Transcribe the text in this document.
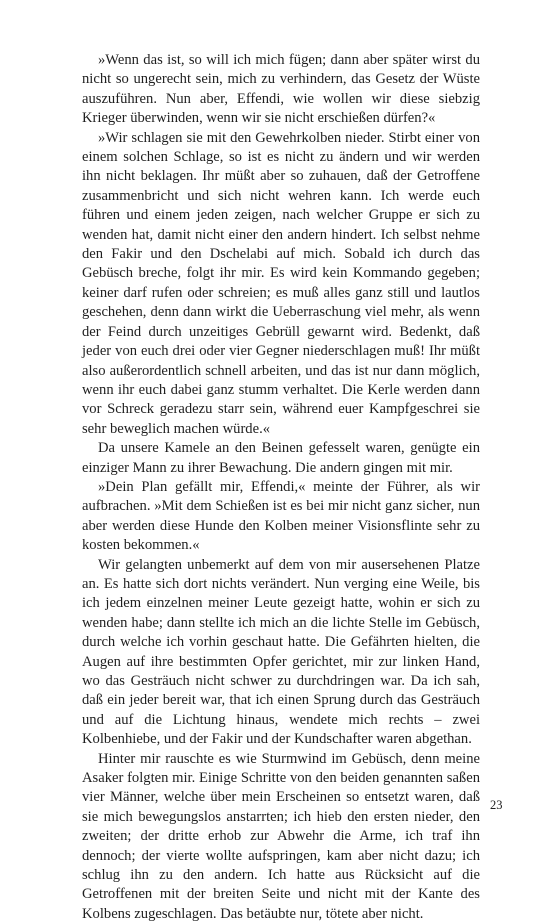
»Wenn das ist, so will ich mich fügen; dann aber später wirst du nicht so ungerecht sein, mich zu verhindern, das Gesetz der Wüste auszuführen. Nun aber, Effendi, wie wollen wir diese siebzig Krieger überwinden, wenn wir sie nicht erschießen dürfen?«

»Wir schlagen sie mit den Gewehrkolben nieder. Stirbt einer von einem solchen Schlage, so ist es nicht zu ändern und wir werden ihn nicht beklagen. Ihr müßt aber so zuhauen, daß der Getroffene zusammenbricht und sich nicht wehren kann. Ich werde euch führen und einem jeden zeigen, nach welcher Gruppe er sich zu wenden hat, damit nicht einer den andern hindert. Ich selbst nehme den Fakir und den Dschelabi auf mich. Sobald ich durch das Gebüsch breche, folgt ihr mir. Es wird kein Kommando gegeben; keiner darf rufen oder schreien; es muß alles ganz still und lautlos geschehen, denn dann wirkt die Ueberraschung viel mehr, als wenn der Feind durch unzeitiges Gebrüll gewarnt wird. Bedenkt, daß jeder von euch drei oder vier Gegner niederschlagen muß! Ihr müßt also außerordentlich schnell arbeiten, und das ist nur dann möglich, wenn ihr euch dabei ganz stumm verhaltet. Die Kerle werden dann vor Schreck geradezu starr sein, während euer Kampfgeschrei sie sehr beweglich machen würde.«

Da unsere Kamele an den Beinen gefesselt waren, genügte ein einziger Mann zu ihrer Bewachung. Die andern gingen mit mir.

»Dein Plan gefällt mir, Effendi,« meinte der Führer, als wir aufbrachen. »Mit dem Schießen ist es bei mir nicht ganz sicher, nun aber werden diese Hunde den Kolben meiner Visionsflinte sehr zu kosten bekommen.«

Wir gelangten unbemerkt auf dem von mir ausersehenen Platze an. Es hatte sich dort nichts verändert. Nun verging eine Weile, bis ich jedem einzelnen meiner Leute gezeigt hatte, wohin er sich zu wenden habe; dann stellte ich mich an die lichte Stelle im Gebüsch, durch welche ich vorhin geschaut hatte. Die Gefährten hielten, die Augen auf ihre bestimmten Opfer gerichtet, mir zur linken Hand, wo das Gesträuch nicht schwer zu durchdringen war. Da ich sah, daß ein jeder bereit war, that ich einen Sprung durch das Gesträuch und auf die Lichtung hinaus, wendete mich rechts – zwei Kolbenhiebe, und der Fakir und der Kundschafter waren abgethan.

Hinter mir rauschte es wie Sturmwind im Gebüsch, denn meine Asaker folgten mir. Einige Schritte von den beiden genannten saßen vier Männer, welche über mein Erscheinen so entsetzt waren, daß sie mich bewegungslos anstarrten; ich hieb den ersten nieder, den zweiten; der dritte erhob zur Abwehr die Arme, ich traf ihn dennoch; der vierte wollte aufspringen, kam aber nicht dazu; ich schlug ihn zu den andern. Ich hatte aus Rücksicht auf die Getroffenen mit der breiten Seite und nicht mit der Kante des Kolbens zugeschlagen. Das betäubte nur, tötete aber nicht.

23
